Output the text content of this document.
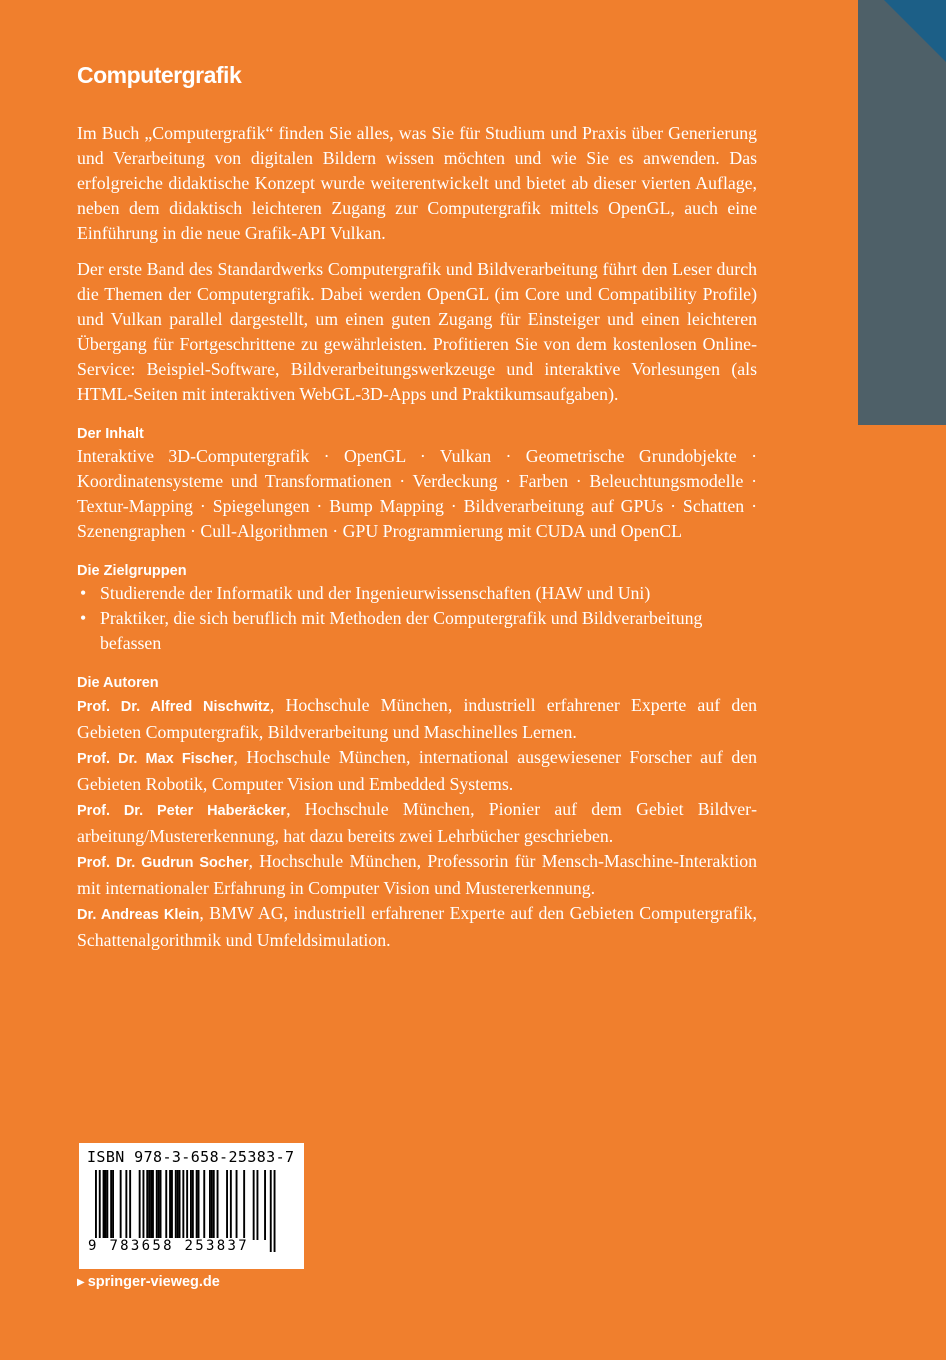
Computergrafik

Im Buch „Computergrafik“ finden Sie alles, was Sie für Studium und Praxis über Generierung und Verarbeitung von digitalen Bildern wissen möchten und wie Sie es anwenden. Das erfolgreiche didaktische Konzept wurde weiterentwickelt und bietet ab dieser vierten Auflage, neben dem didaktisch leichteren Zugang zur Computergrafik mittels OpenGL, auch eine Einführung in die neue Grafik-API Vulkan.

Der erste Band des Standardwerks Computergrafik und Bildverarbeitung führt den Leser durch die Themen der Computergrafik. Dabei werden OpenGL (im Core und Compatibility Profile) und Vulkan parallel dargestellt, um einen guten Zugang für Einsteiger und einen leichteren Übergang für Fortgeschrittene zu gewährleisten. Profitieren Sie von dem kostenlosen Online-Service: Beispiel-Software, Bildverarbeitungswerkzeuge und interaktive Vorlesungen (als HTML-Seiten mit interaktiven WebGL-3D-Apps und Praktikumsaufgaben).

Der Inhalt

Interaktive 3D-Computergrafik · OpenGL · Vulkan · Geometrische Grundobjekte · Koordinatensysteme und Transformationen · Verdeckung · Farben · Beleuchtungsmodelle · Textur-Mapping · Spiegelungen · Bump Mapping · Bildverarbeitung auf GPUs · Schatten · Szenengraphen · Cull-Algorithmen · GPU Programmierung mit CUDA und OpenCL

Die Zielgruppen
• Studierende der Informatik und der Ingenieurwissenschaften (HAW und Uni)
• Praktiker, die sich beruflich mit Methoden der Computergrafik und Bildverarbeitung befassen
Die Autoren

Prof. Dr. Alfred Nischwitz, Hochschule München, industriell erfahrener Experte auf den Gebieten Computergrafik, Bildverarbeitung und Maschinelles Lernen.

Prof. Dr. Max Fischer, Hochschule München, international ausgewiesener Forscher auf den Gebieten Robotik, Computer Vision und Embedded Systems.

Prof. Dr. Peter Haberäcker, Hochschule München, Pionier auf dem Gebiet Bildverarbeitung/Mustererkennung, hat dazu bereits zwei Lehrbücher geschrieben.

Prof. Dr. Gudrun Socher, Hochschule München, Professorin für Mensch-Maschine-Interaktion mit internationaler Erfahrung in Computer Vision und Mustererkennung.

Dr. Andreas Klein, BMW AG, industriell erfahrener Experte auf den Gebieten Computergrafik, Schattenalgorithmik und Umfeldsimulation.

ISBN 978-3-658-25383-7
9 783658 253837
▶ springer-vieweg.de
